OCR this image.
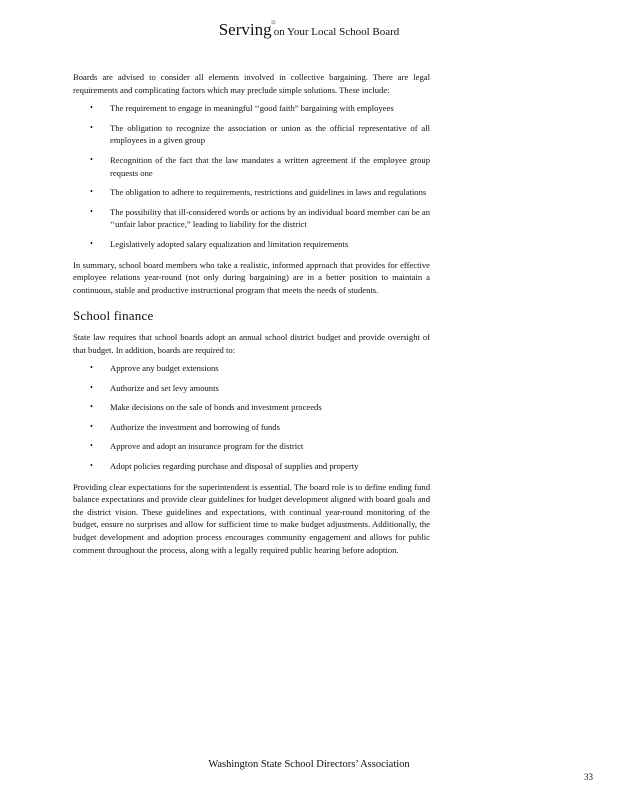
Serving☼ on Your Local School Board

Boards are advised to consider all elements involved in collective bargaining. There are legal requirements and complicating factors which may preclude simple solutions. These include:

• The requirement to engage in meaningful ‘‘good faith” bargaining with employees
• The obligation to recognize the association or union as the official representative of all employees in a given group
• Recognition of the fact that the law mandates a written agreement if the employee group requests one
• The obligation to adhere to requirements, restrictions and guidelines in laws and regulations
• The possibility that ill-considered words or actions by an individual board member can be an ‘‘unfair labor practice,” leading to liability for the district
• Legislatively adopted salary equalization and limitation requirements

In summary, school board members who take a realistic, informed approach that provides for effective employee relations year-round (not only during bargaining) are in a better position to maintain a continuous, stable and productive instructional program that meets the needs of students.

School finance

State law requires that school boards adopt an annual school district budget and provide oversight of that budget. In addition, boards are required to:

• Approve any budget extensions
• Authorize and set levy amounts
• Make decisions on the sale of bonds and investment proceeds
• Authorize the investment and borrowing of funds
• Approve and adopt an insurance program for the district
• Adopt policies regarding purchase and disposal of supplies and property

Providing clear expectations for the superintendent is essential. The board role is to define ending fund balance expectations and provide clear guidelines for budget development aligned with board goals and the district vision. These guidelines and expectations, with continual year-round monitoring of the budget, ensure no surprises and allow for sufficient time to make budget adjustments. Additionally, the budget development and adoption process encourages community engagement and allows for public comment throughout the process, along with a legally required public hearing before adoption.

Washington State School Directors’ Association
33
